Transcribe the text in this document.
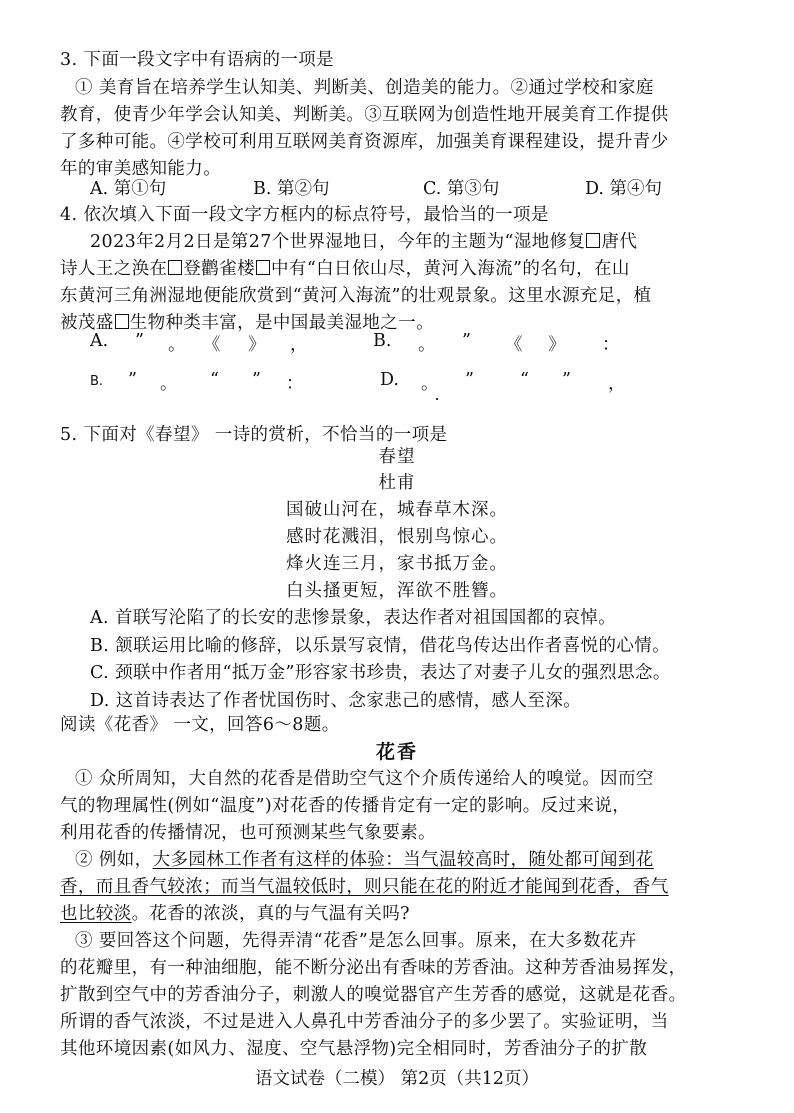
3. 下面一段文字中有语病的一项是
① 美育旨在培养学生认知美、判断美、创造美的能力。②通过学校和家庭
教育，使青少年学会认知美、判断美。③互联网为创造性地开展美育工作提供
了多种可能。④学校可利用互联网美育资源库，加强美育课程建设，提升青少
年的审美感知能力。
A. 第①句	B. 第②句	C. 第③句	D. 第④句
4. 依次填入下面一段文字方框内的标点符号，最恰当的一项是
2023年2月2日是第27个世界湿地日，今年的主题为“湿地修复 唐代
诗人王之涣在 登鹳雀楼 中有“白日依山尽，黄河入海流”的名句，在山
东黄河三角洲湿地便能欣赏到“黄河入海流”的壮观景象。这里水源充足，植
被茂盛 生物种类丰富，是中国最美湿地之一。
A. ” 。 《 》 ，	B. 。 ” 《 》 ：
B. ” 。 “ ” ：	D. 。 ”	“ ” ，
5. 下面对《春望》 一诗的赏析，不恰当的一项是
春望
杜甫
国破山河在，城春草木深。
感时花溅泪，恨别鸟惊心。
烽火连三月，家书抵万金。
白头搔更短，浑欲不胜簪。
A. 首联写沦陷了的长安的悲惨景象，表达作者对祖国国都的哀悼。
B. 颔联运用比喻的修辞，以乐景写哀情，借花鸟传达出作者喜悦的心情。
C. 颈联中作者用“抵万金”形容家书珍贵，表达了对妻子儿女的强烈思念。
D. 这首诗表达了作者忧国伤时、念家悲己的感情，感人至深。
阅读《花香》 一文，回答6～8题。
花香
① 众所周知，大自然的花香是借助空气这个介质传递给人的嗅觉。因而空
气的物理属性(例如“温度”)对花香的传播肯定有一定的影响。反过来说，
利用花香的传播情况，也可预测某些气象要素。
② 例如，大多园林工作者有这样的体验：当气温较高时，随处都可闻到花
香，而且香气较浓；而当气温较低时，则只能在花的附近才能闻到花香，香气
也比较淡。花香的浓淡，真的与气温有关吗?
③ 要回答这个问题，先得弄清“花香”是怎么回事。原来，在大多数花卉
的花瓣里，有一种油细胞，能不断分泌出有香味的芳香油。这种芳香油易挥发，
扩散到空气中的芳香油分子，刺激人的嗅觉器官产生芳香的感觉，这就是花香。
所谓的香气浓淡，不过是进入人鼻孔中芳香油分子的多少罢了。实验证明，当
其他环境因素(如风力、湿度、空气悬浮物)完全相同时，芳香油分子的扩散
语文试卷（二模） 第2页（共12页）
